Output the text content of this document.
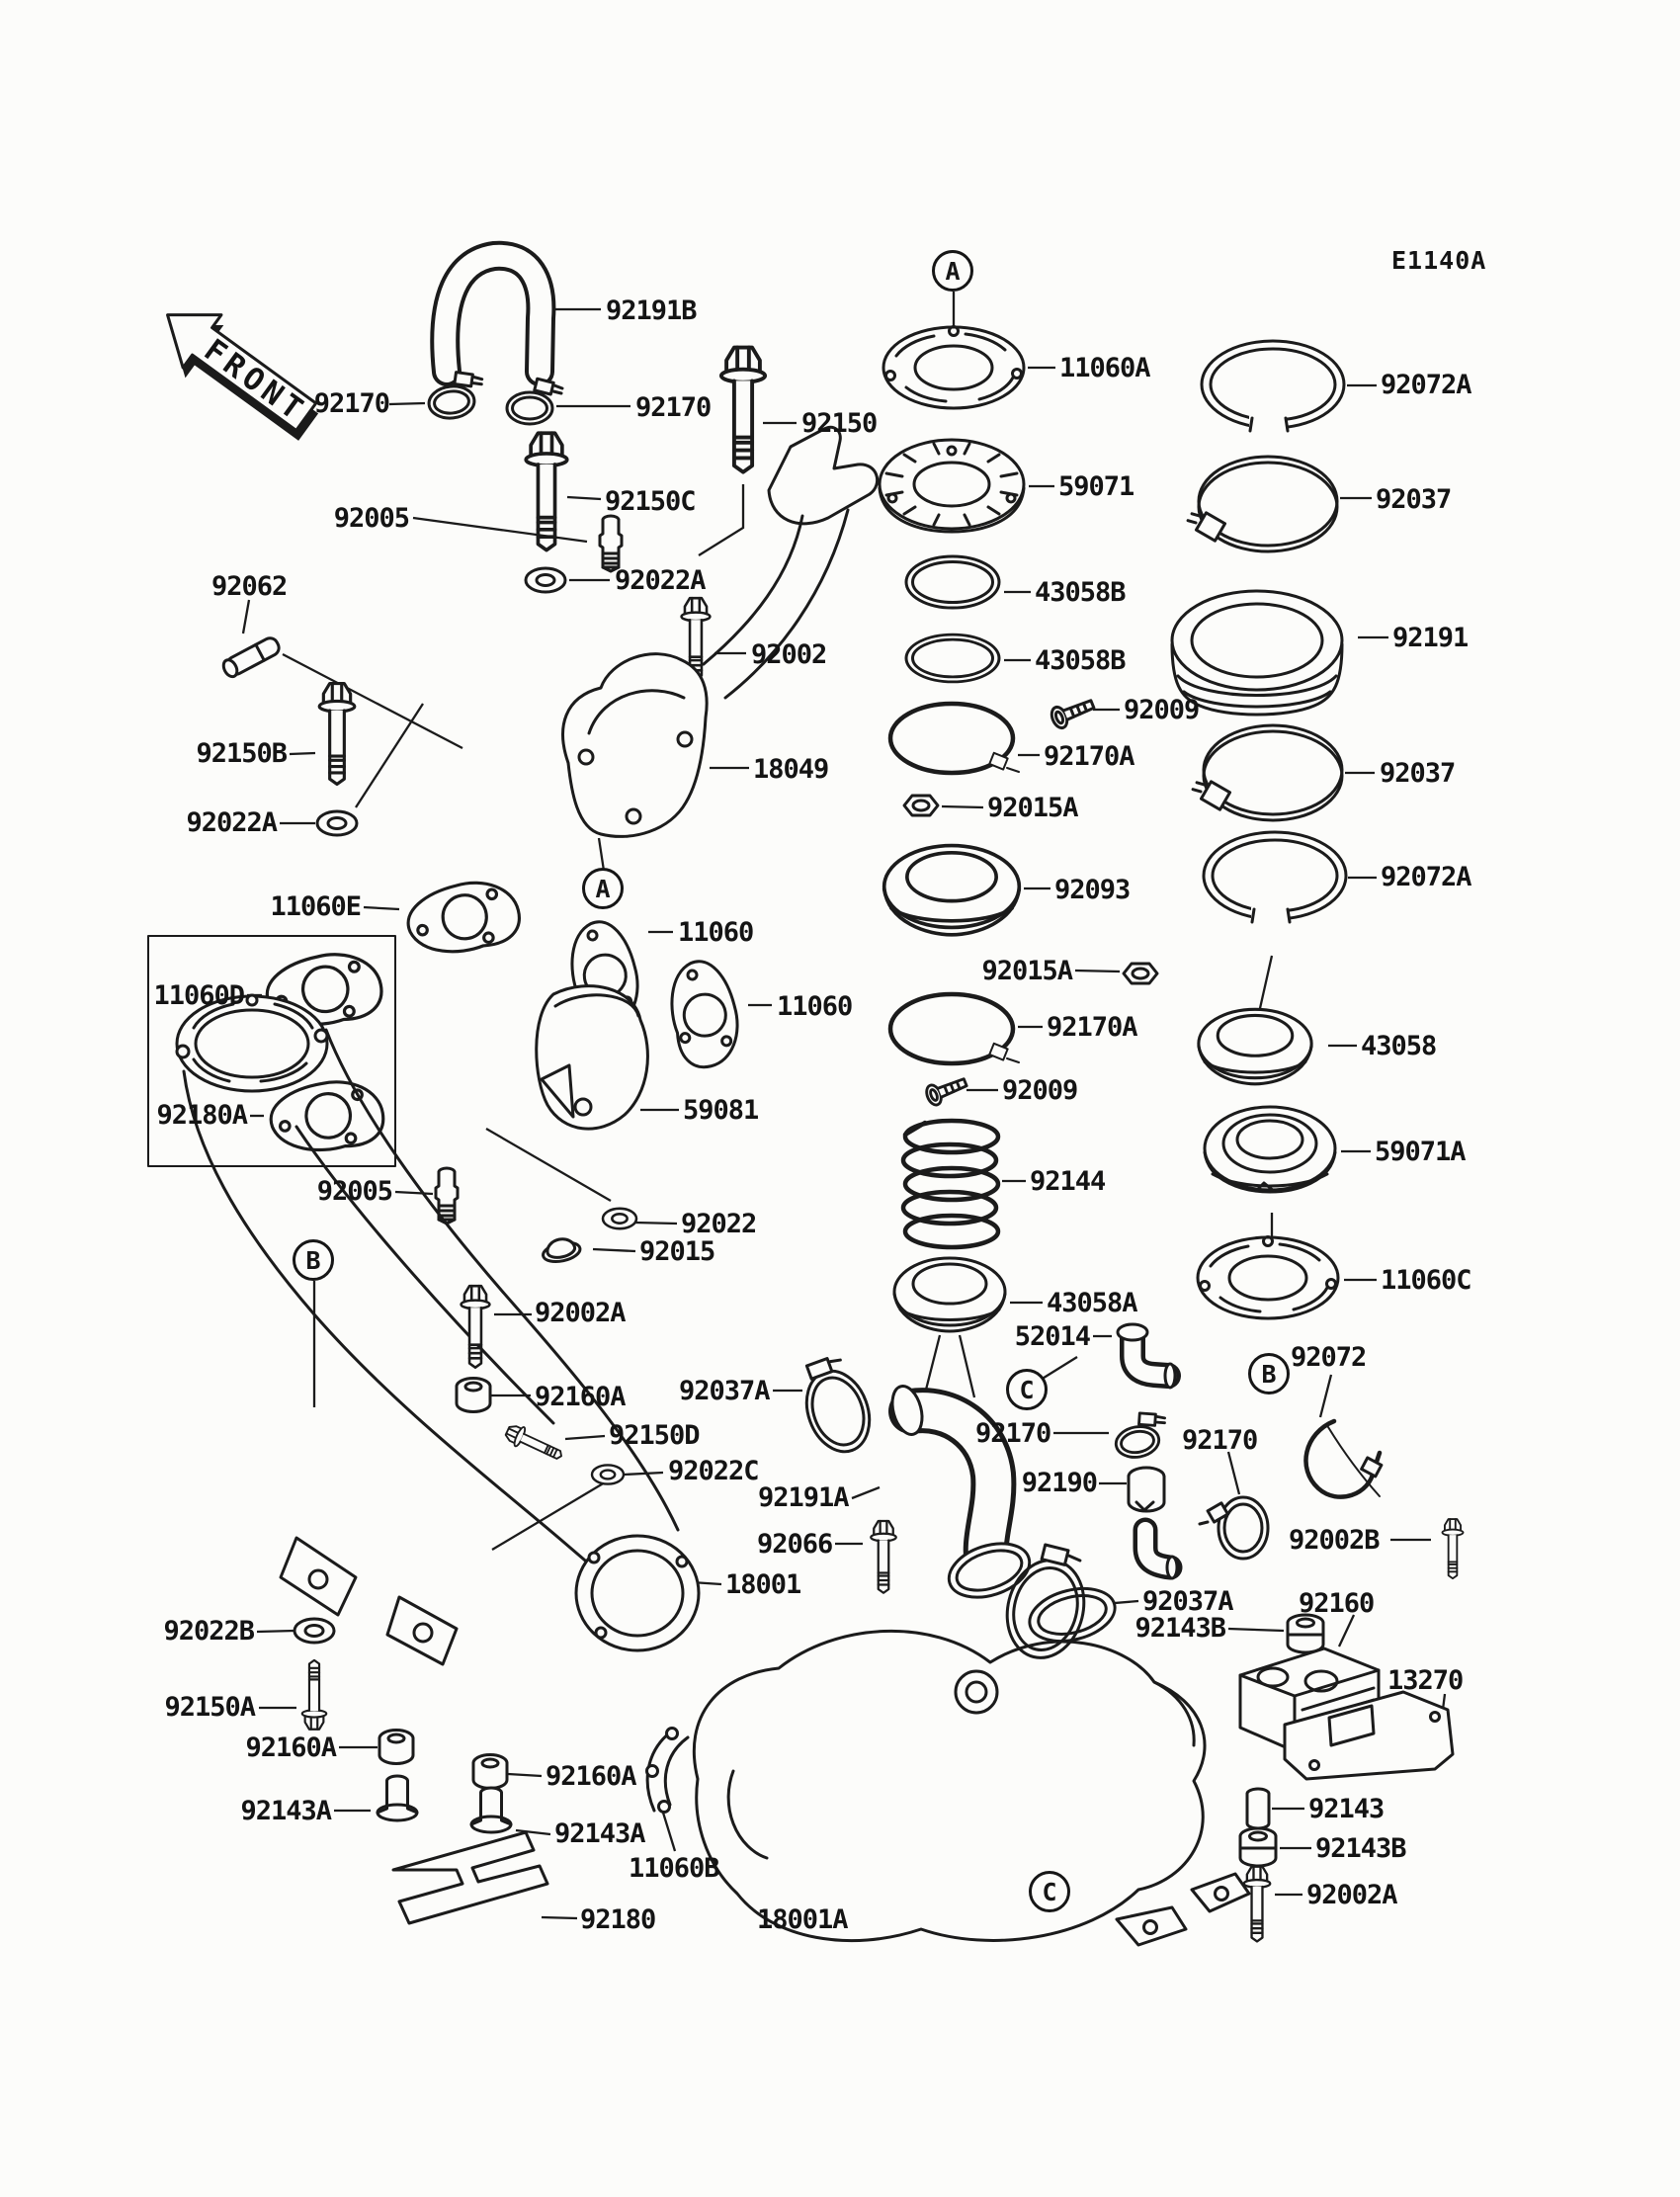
FRONT
E1140A
92191B
92170	92170
92150
92150C
92005
92062	92022A
92002
92150B
18049
92022A
11060E
11060D
92180A
11060
11060
59081
92005
92022
92015
11060A
59071
43058B
43058B
92009
92170A
92015A
92093
92015A
92170A
92009
92144
43058A
52014
92170	92170
92190
92072
92002B
92160
92037A
92143B
13270
92143
92143B
92002A
92002A
92160A
92150D
92022C
92037A
92191A
92066
18001
92022B
92150A
92160A
92160A
92143A
92143A
11060B
92180	18001A
92072A
92037
92191
92037
92072A
43058
59071A
11060C
A
A
B
B
C
C
